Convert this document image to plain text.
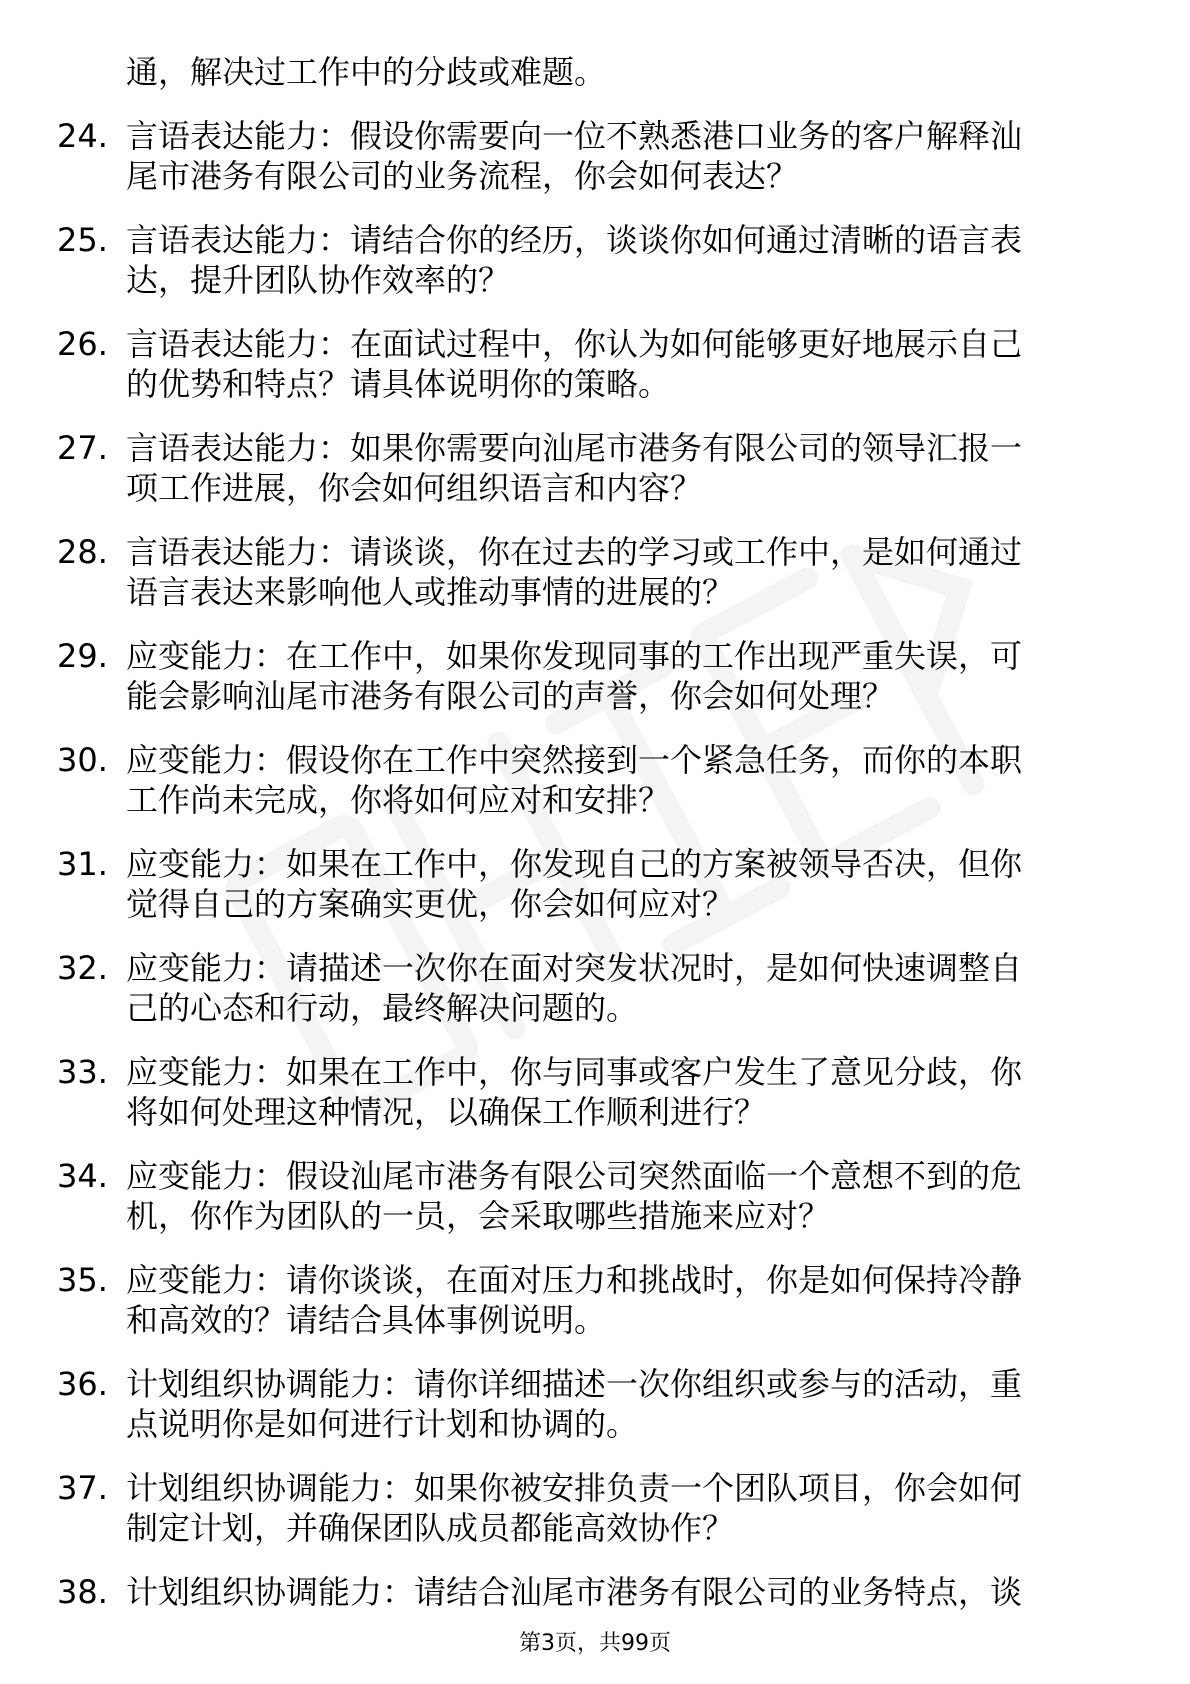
通，解决过工作中的分歧或难题。
24. 言语表达能力：假设你需要向一位不熟悉港口业务的客户解释汕
尾市港务有限公司的业务流程，你会如何表达？
25. 言语表达能力：请结合你的经历，谈谈你如何通过清晰的语言表
达，提升团队协作效率的？
26. 言语表达能力：在面试过程中，你认为如何能够更好地展示自己
的优势和特点？请具体说明你的策略。
27. 言语表达能力：如果你需要向汕尾市港务有限公司的领导汇报一
项工作进展，你会如何组织语言和内容？
28. 言语表达能力：请谈谈，你在过去的学习或工作中，是如何通过
语言表达来影响他人或推动事情的进展的？
29. 应变能力：在工作中，如果你发现同事的工作出现严重失误，可
能会影响汕尾市港务有限公司的声誉，你会如何处理？
30. 应变能力：假设你在工作中突然接到一个紧急任务，而你的本职
工作尚未完成，你将如何应对和安排？
31. 应变能力：如果在工作中，你发现自己的方案被领导否决，但你
觉得自己的方案确实更优，你会如何应对？
32. 应变能力：请描述一次你在面对突发状况时，是如何快速调整自
己的心态和行动，最终解决问题的。
33. 应变能力：如果在工作中，你与同事或客户发生了意见分歧，你
将如何处理这种情况，以确保工作顺利进行？
34. 应变能力：假设汕尾市港务有限公司突然面临一个意想不到的危
机，你作为团队的一员，会采取哪些措施来应对？
35. 应变能力：请你谈谈，在面对压力和挑战时，你是如何保持冷静
和高效的？请结合具体事例说明。
36. 计划组织协调能力：请你详细描述一次你组织或参与的活动，重
点说明你是如何进行计划和协调的。
37. 计划组织协调能力：如果你被安排负责一个团队项目，你会如何
制定计划，并确保团队成员都能高效协作？
38. 计划组织协调能力：请结合汕尾市港务有限公司的业务特点，谈
第3页，共99页
